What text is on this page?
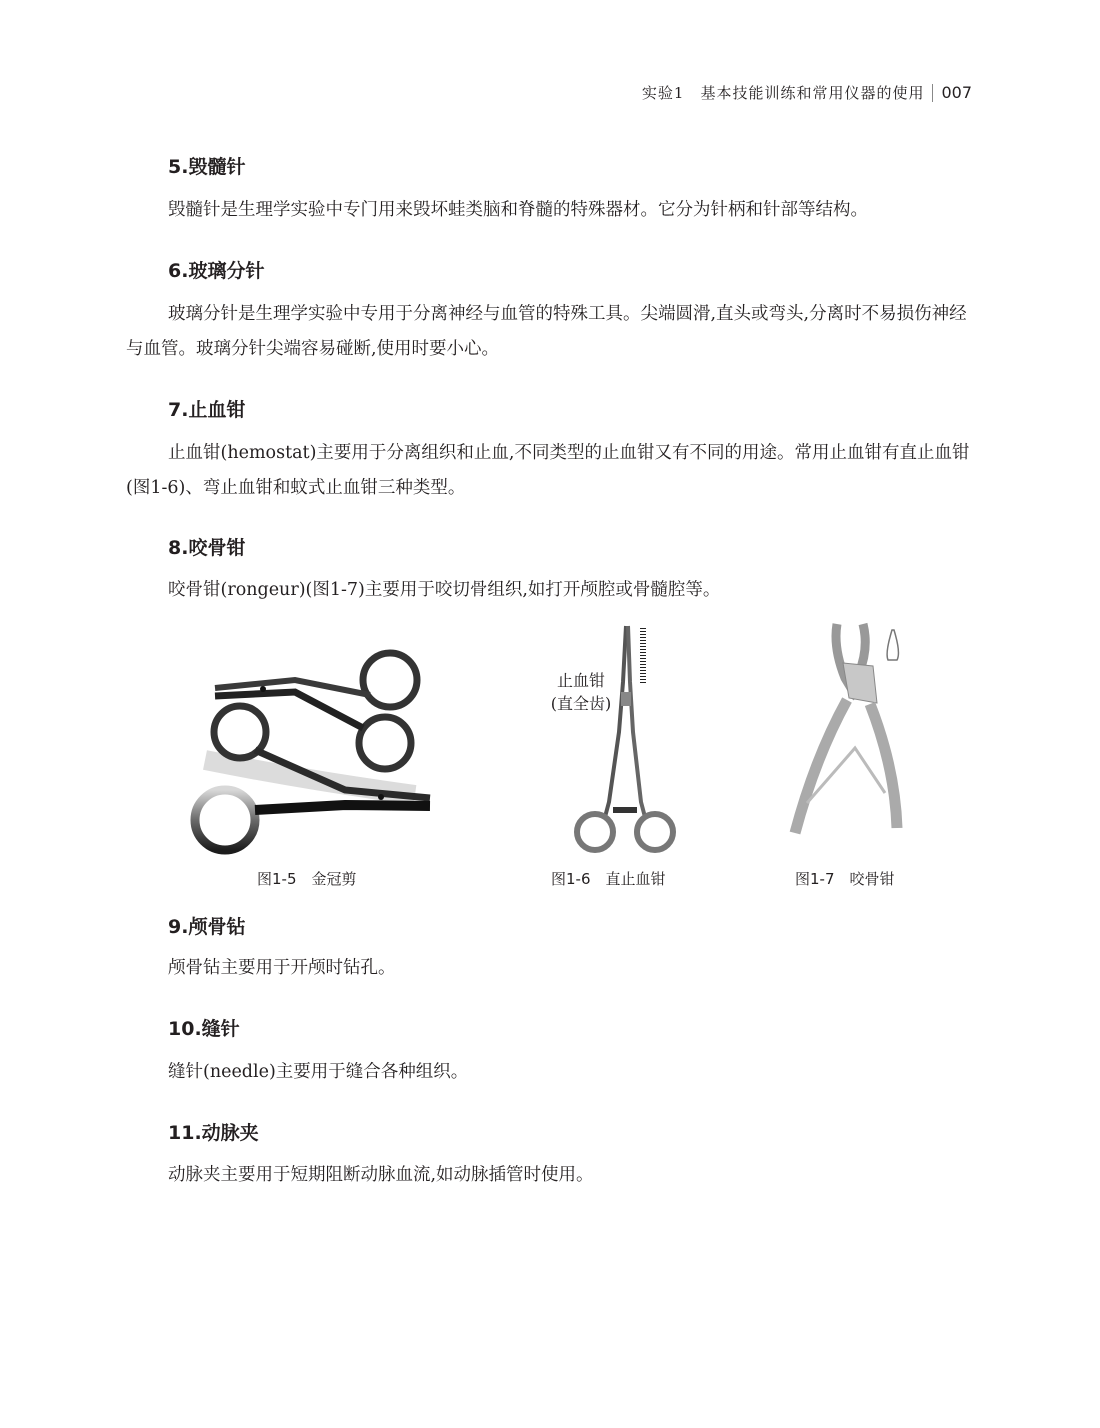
实验1　基本技能训练和常用仪器的使用 007
5.毁髓针
毁髓针是生理学实验中专门用来毁坏蛙类脑和脊髓的特殊器材。它分为针柄和针部等结构。
6.玻璃分针
玻璃分针是生理学实验中专用于分离神经与血管的特殊工具。尖端圆滑,直头或弯头,分离时不易损伤神经与血管。玻璃分针尖端容易碰断,使用时要小心。
7.止血钳
止血钳(hemostat)主要用于分离组织和止血,不同类型的止血钳又有不同的用途。常用止血钳有直止血钳(图1-6)、弯止血钳和蚊式止血钳三种类型。
8.咬骨钳
咬骨钳(rongeur)(图1-7)主要用于咬切骨组织,如打开颅腔或骨髓腔等。
图1-5　金冠剪
止血钳
(直全齿)
图1-6　直止血钳	图1-7　咬骨钳
9.颅骨钻
颅骨钻主要用于开颅时钻孔。
10.缝针
缝针(needle)主要用于缝合各种组织。
11.动脉夹
动脉夹主要用于短期阻断动脉血流,如动脉插管时使用。
